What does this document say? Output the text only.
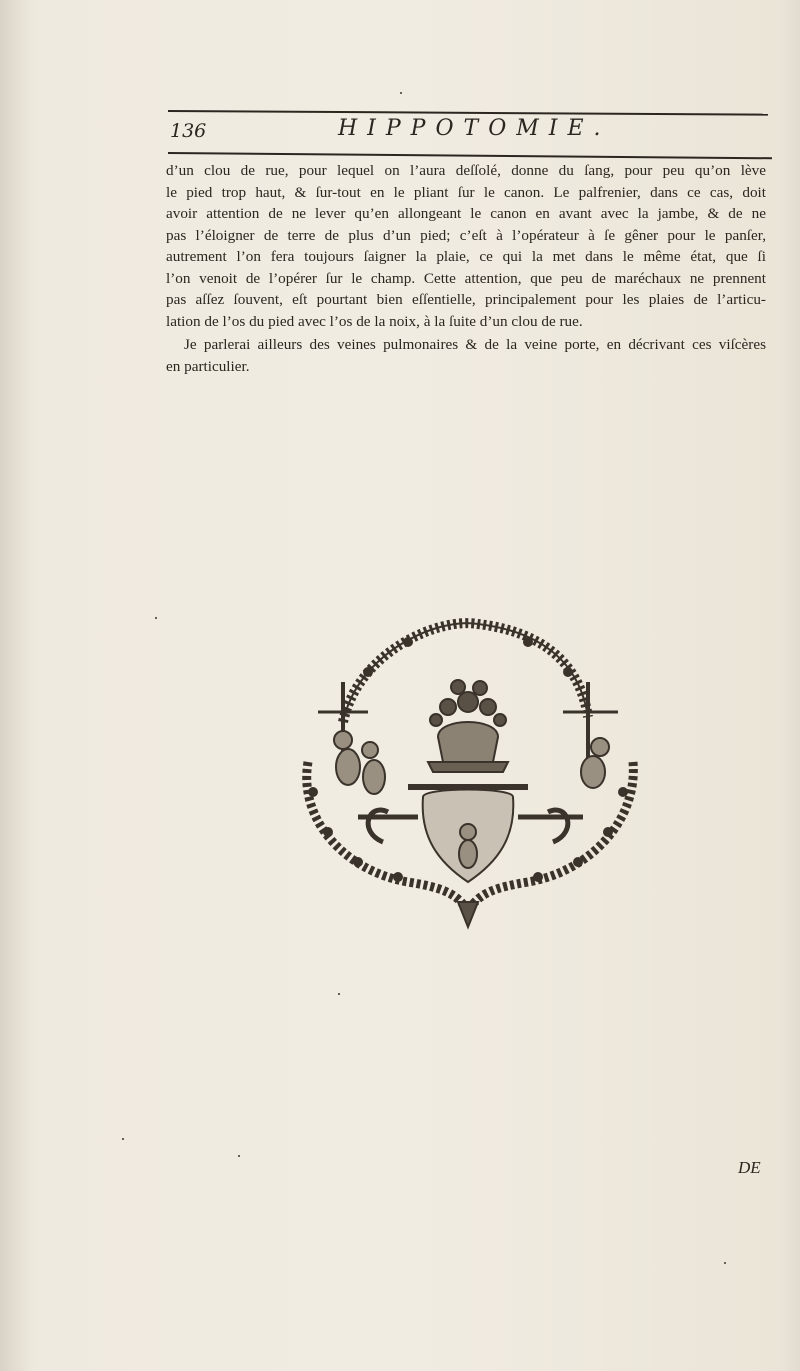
136	HIPPOTOMIE.
d’un clou de rue, pour lequel on l’aura deſſolé, donne du ſang, pour peu qu’on lève
le pied trop haut, & ſur-tout en le pliant ſur le canon. Le palfrenier, dans ce cas, doit
avoir attention de ne lever qu’en allongeant le canon en avant avec la jambe, & de ne
pas l’éloigner de terre de plus d’un pied; c’eſt à l’opérateur à ſe gêner pour le panſer,
autrement l’on fera toujours ſaigner la plaie, ce qui la met dans le même état, que ſi
l’on venoit de l’opérer ſur le champ. Cette attention, que peu de maréchaux ne prennent
pas aſſez ſouvent, eſt pourtant bien eſſentielle, principalement pour les plaies de l’articu-
lation de l’os du pied avec l’os de la noix, à la ſuite d’un clou de rue.
Je parlerai ailleurs des veines pulmonaires & de la veine porte, en décrivant ces viſcères
en particulier.
DE
